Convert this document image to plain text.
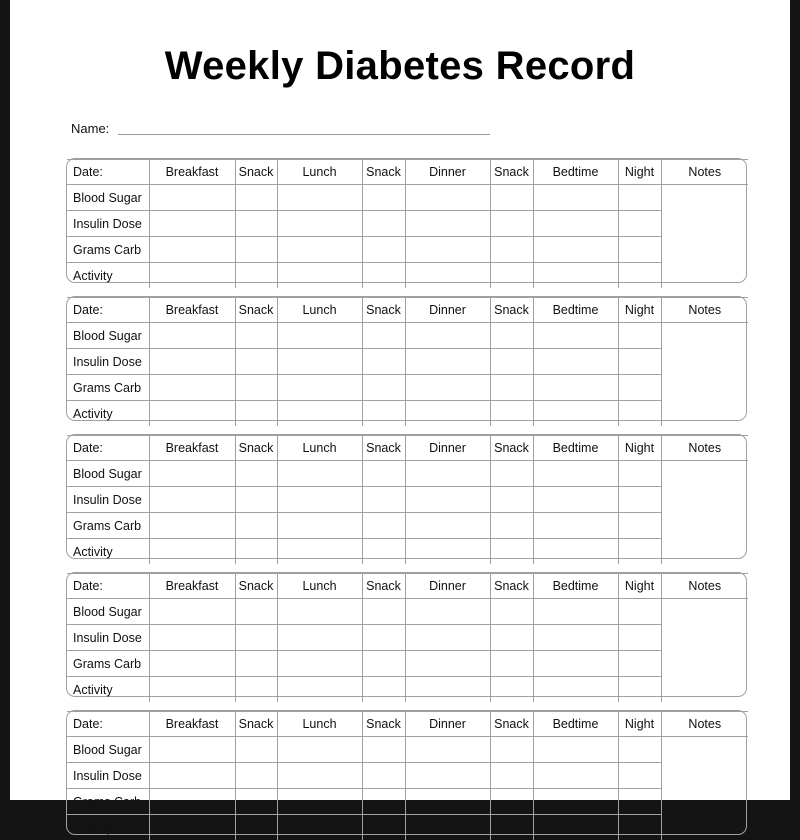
Weekly Diabetes Record
Name:
Date:	Breakfast	Snack	Lunch	Snack	Dinner	Snack	Bedtime	Night	Notes
Blood Sugar									
Insulin Dose									
Grams Carb									
Activity									
Date:	Breakfast	Snack	Lunch	Snack	Dinner	Snack	Bedtime	Night	Notes
Blood Sugar									
Insulin Dose									
Grams Carb									
Activity									
Date:	Breakfast	Snack	Lunch	Snack	Dinner	Snack	Bedtime	Night	Notes
Blood Sugar									
Insulin Dose									
Grams Carb									
Activity									
Date:	Breakfast	Snack	Lunch	Snack	Dinner	Snack	Bedtime	Night	Notes
Blood Sugar									
Insulin Dose									
Grams Carb									
Activity									
Date:	Breakfast	Snack	Lunch	Snack	Dinner	Snack	Bedtime	Night	Notes
Blood Sugar									
Insulin Dose									
Grams Carb									
Activity									
